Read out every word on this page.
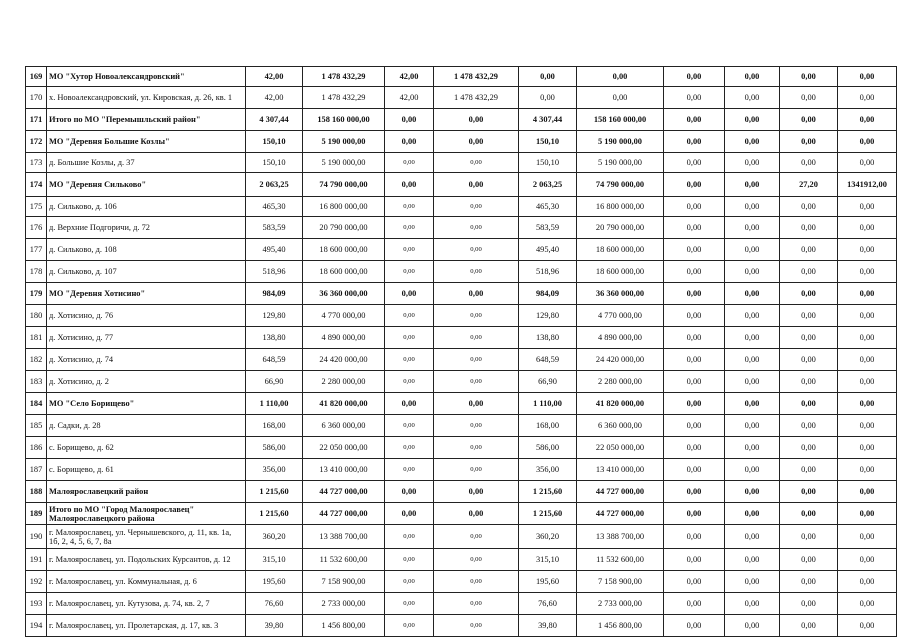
169	МО "Хутор Новоалександровский"	42,00	1 478 432,29	42,00	1 478 432,29	0,00	0,00	0,00	0,00	0,00	0,00
170	х. Новоалександровский, ул. Кировская, д. 26, кв. 1	42,00	1 478 432,29	42,00	1 478 432,29	0,00	0,00	0,00	0,00	0,00	0,00
171	Итого по МО "Перемышльский район"	4 307,44	158 160 000,00	0,00	0,00	4 307,44	158 160 000,00	0,00	0,00	0,00	0,00
172	МО "Деревня Большие Козлы"	150,10	5 190 000,00	0,00	0,00	150,10	5 190 000,00	0,00	0,00	0,00	0,00
173	д. Большие Козлы, д. 37	150,10	5 190 000,00	0,00	0,00	150,10	5 190 000,00	0,00	0,00	0,00	0,00
174	МО "Деревня Сильково"	2 063,25	74 790 000,00	0,00	0,00	2 063,25	74 790 000,00	0,00	0,00	27,20	1341912,00
175	д. Сильково, д. 106	465,30	16 800 000,00	0,00	0,00	465,30	16 800 000,00	0,00	0,00	0,00	0,00
176	д. Верхние Подгоричи, д. 72	583,59	20 790 000,00	0,00	0,00	583,59	20 790 000,00	0,00	0,00	0,00	0,00
177	д. Сильково, д. 108	495,40	18 600 000,00	0,00	0,00	495,40	18 600 000,00	0,00	0,00	0,00	0,00
178	д. Сильково, д. 107	518,96	18 600 000,00	0,00	0,00	518,96	18 600 000,00	0,00	0,00	0,00	0,00
179	МО "Деревня Хотисино"	984,09	36 360 000,00	0,00	0,00	984,09	36 360 000,00	0,00	0,00	0,00	0,00
180	д. Хотисино, д. 76	129,80	4 770 000,00	0,00	0,00	129,80	4 770 000,00	0,00	0,00	0,00	0,00
181	д. Хотисино, д. 77	138,80	4 890 000,00	0,00	0,00	138,80	4 890 000,00	0,00	0,00	0,00	0,00
182	д. Хотисино, д. 74	648,59	24 420 000,00	0,00	0,00	648,59	24 420 000,00	0,00	0,00	0,00	0,00
183	д. Хотисино, д. 2	66,90	2 280 000,00	0,00	0,00	66,90	2 280 000,00	0,00	0,00	0,00	0,00
184	МО "Село Борищево"	1 110,00	41 820 000,00	0,00	0,00	1 110,00	41 820 000,00	0,00	0,00	0,00	0,00
185	д. Садки, д. 28	168,00	6 360 000,00	0,00	0,00	168,00	6 360 000,00	0,00	0,00	0,00	0,00
186	с. Борищево, д. 62	586,00	22 050 000,00	0,00	0,00	586,00	22 050 000,00	0,00	0,00	0,00	0,00
187	с. Борищево, д. 61	356,00	13 410 000,00	0,00	0,00	356,00	13 410 000,00	0,00	0,00	0,00	0,00
188	Малоярославецкий район	1 215,60	44 727 000,00	0,00	0,00	1 215,60	44 727 000,00	0,00	0,00	0,00	0,00
189	Итого по МО "Город Малоярославец" Малоярославецкого района	1 215,60	44 727 000,00	0,00	0,00	1 215,60	44 727 000,00	0,00	0,00	0,00	0,00
190	г. Малоярославец, ул. Чернышевского, д. 11, кв. 1а, 1б, 2, 4, 5, 6, 7, 8а	360,20	13 388 700,00	0,00	0,00	360,20	13 388 700,00	0,00	0,00	0,00	0,00
191	г. Малоярославец, ул. Подольских Курсантов, д. 12	315,10	11 532 600,00	0,00	0,00	315,10	11 532 600,00	0,00	0,00	0,00	0,00
192	г. Малоярославец, ул. Коммунальная, д. 6	195,60	7 158 900,00	0,00	0,00	195,60	7 158 900,00	0,00	0,00	0,00	0,00
193	г. Малоярославец, ул. Кутузова, д. 74, кв. 2, 7	76,60	2 733 000,00	0,00	0,00	76,60	2 733 000,00	0,00	0,00	0,00	0,00
194	г. Малоярославец, ул. Пролетарская, д. 17, кв. 3	39,80	1 456 800,00	0,00	0,00	39,80	1 456 800,00	0,00	0,00	0,00	0,00
